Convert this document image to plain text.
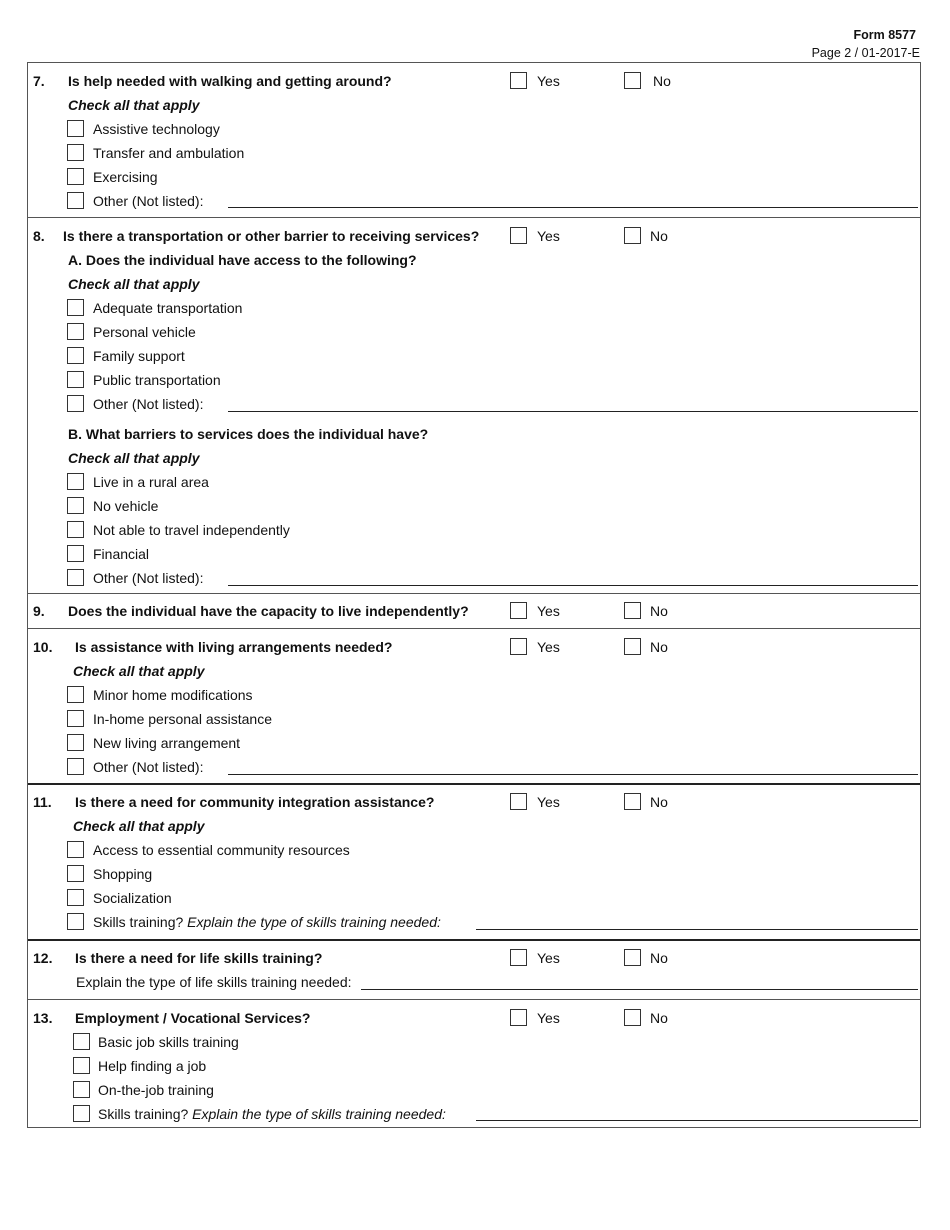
Form 8577
Page 2 / 01-2017-E
7. Is help needed with walking and getting around?	Yes	No
Check all that apply
Assistive technology
Transfer and ambulation
Exercising
Other (Not listed):
8. Is there a transportation or other barrier to receiving services?	Yes	No
A. Does the individual have access to the following?
Check all that apply
Adequate transportation
Personal vehicle
Family support
Public transportation
Other (Not listed):
B. What barriers to services does the individual have?
Check all that apply
Live in a rural area
No vehicle
Not able to travel independently
Financial
Other (Not listed):
9. Does the individual have the capacity to live independently?	Yes	No
10. Is assistance with living arrangements needed?	Yes	No
Check all that apply
Minor home modifications
In-home personal assistance
New living arrangement
Other (Not listed):
11. Is there a need for community integration assistance?	Yes	No
Check all that apply
Access to essential community resources
Shopping
Socialization
Skills training? Explain the type of skills training needed:
12. Is there a need for life skills training?	Yes	No
Explain the type of life skills training needed:
13. Employment / Vocational Services?	Yes	No
Basic job skills training
Help finding a job
On-the-job training
Skills training? Explain the type of skills training needed:
